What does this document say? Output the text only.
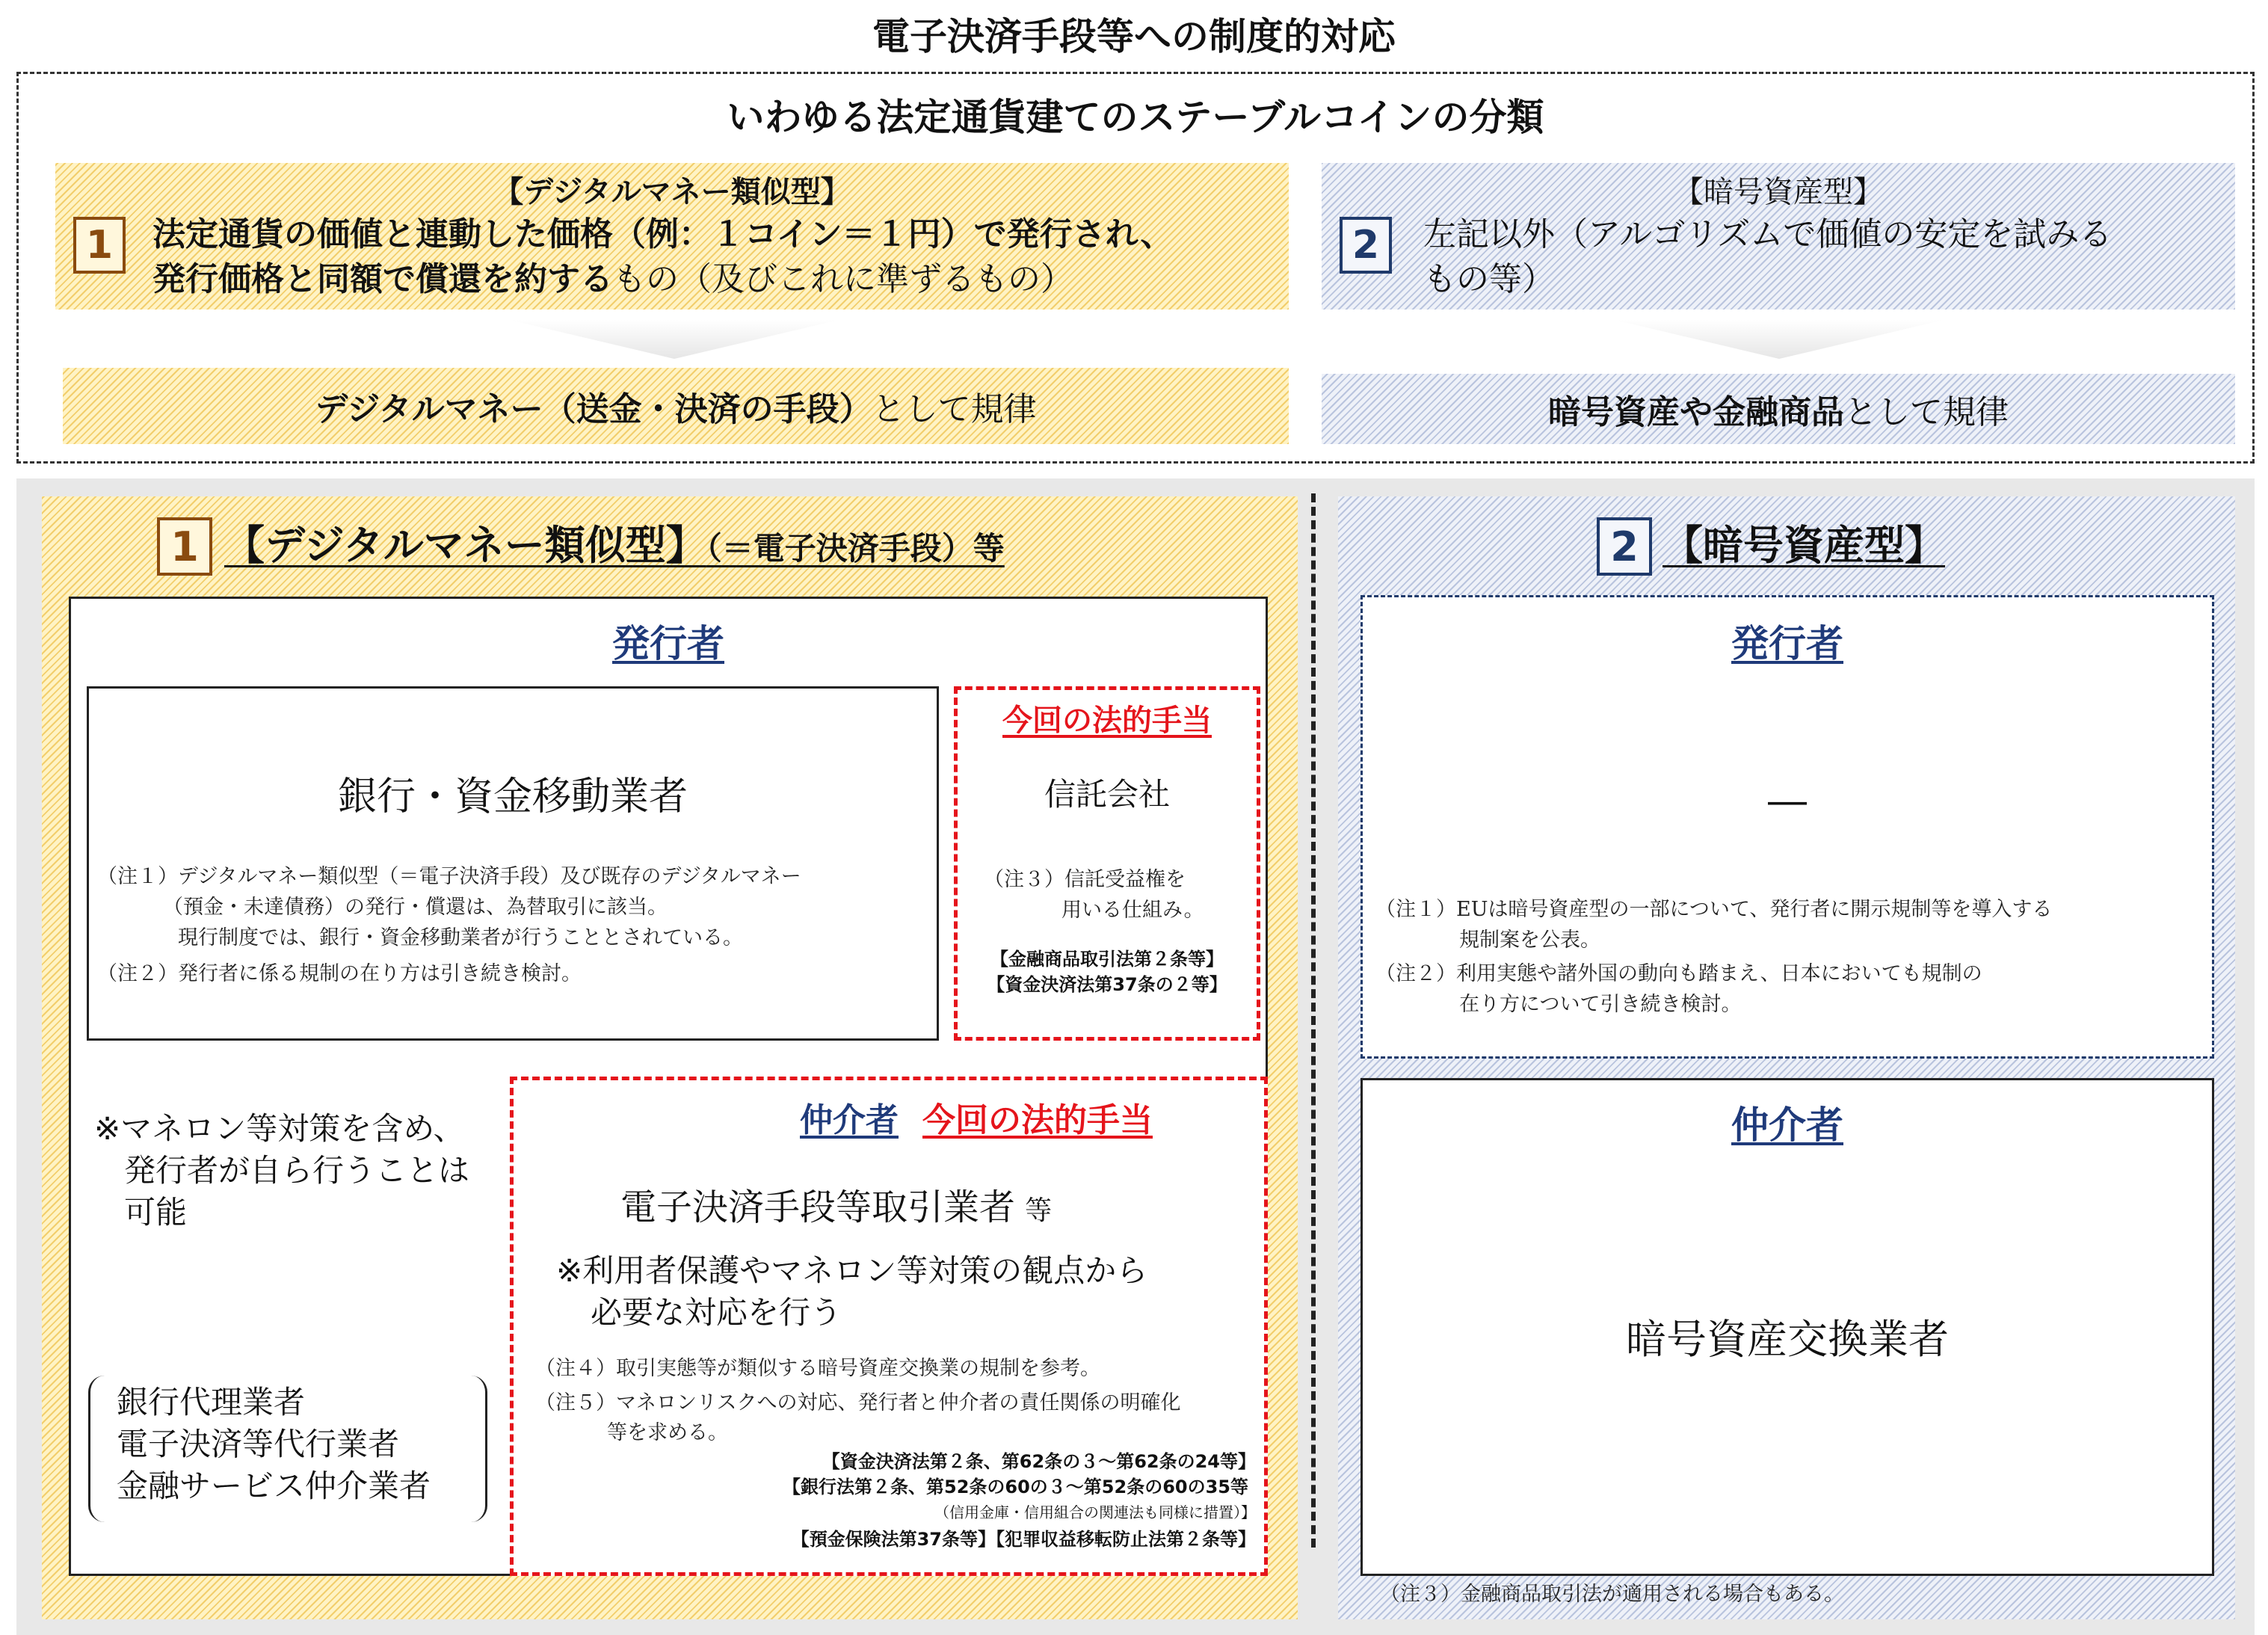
電子決済手段等への制度的対応
いわゆる法定通貨建てのステーブルコインの分類
【デジタルマネー類似型】
1	法定通貨の価値と連動した価格（例：１コイン＝１円）で発行され、
発行価格と同額で償還を約するもの（及びこれに準ずるもの）
【暗号資産型】
2	左記以外（アルゴリズムで価値の安定を試みる
もの等）
デジタルマネー（送金・決済の手段） として規律	暗号資産や金融商品 として規律
1 【デジタルマネー類似型】（＝電子決済手段）等
発行者
銀行・資金移動業者
（注１）デジタルマネー類似型（＝電子決済手段）及び既存のデジタルマネー
（預金・未達債務）の発行・償還は、為替取引に該当。
現行制度では、銀行・資金移動業者が行うこととされている。
（注２）発行者に係る規制の在り方は引き続き検討。
今回の法的手当
信託会社
（注３）信託受益権を
用いる仕組み。
【金融商品取引法第２条等】
【資金決済法第37条の２等】
※マネロン等対策を含め、
発行者が自ら行うことは
可能
銀行代理業者
電子決済等代行業者
金融サービス仲介業者
仲介者 今回の法的手当
電子決済手段等取引業者 等
※利用者保護やマネロン等対策の観点から
必要な対応を行う
（注４）取引実態等が類似する暗号資産交換業の規制を参考。
（注５）マネロンリスクへの対応、発行者と仲介者の責任関係の明確化
等を求める。
【資金決済法第２条、第62条の３～第62条の24等】
【銀行法第２条、第52条の60の３～第52条の60の35等
（信用金庫・信用組合の関連法も同様に措置）】
【預金保険法第37条等】【犯罪収益移転防止法第２条等】
2 【暗号資産型】
発行者
―
（注１）EUは暗号資産型の一部について、発行者に開示規制等を導入する
規制案を公表。
（注２）利用実態や諸外国の動向も踏まえ、日本においても規制の
在り方について引き続き検討。
仲介者
暗号資産交換業者
（注３）金融商品取引法が適用される場合もある。
